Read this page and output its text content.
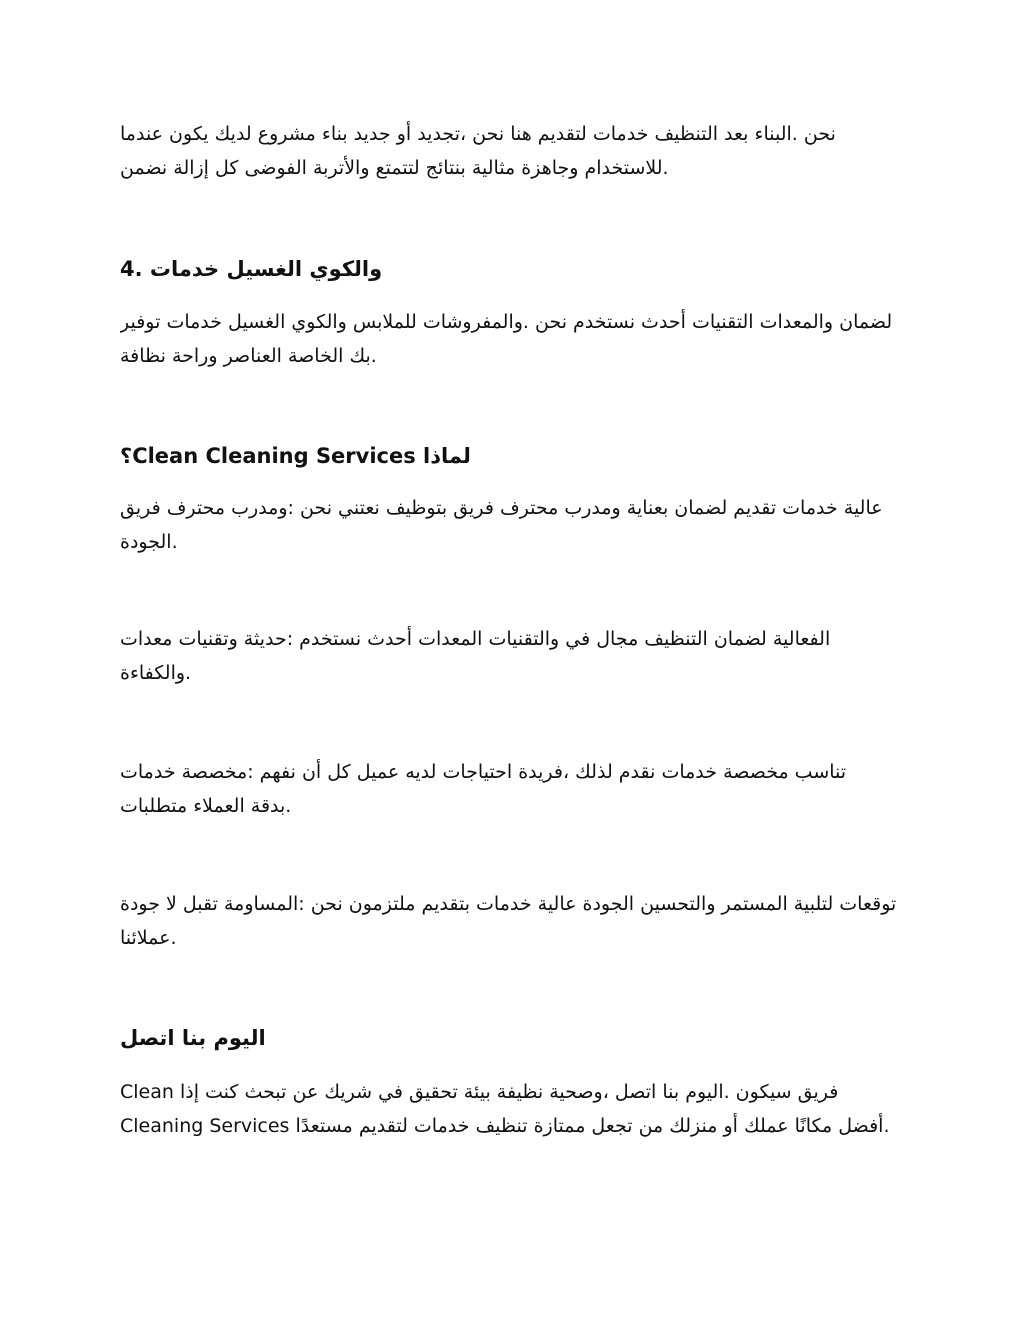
نحن .البناء بعد التنظيف خدمات لتقديم هنا نحن ،تجديد أو جديد بناء مشروع لديك يكون عندما
.للاستخدام وجاهزة مثالية بنتائج لتتمتع والأتربة الفوضى كل إزالة نضمن
والكوي الغسيل خدمات .4
لضمان والمعدات التقنيات أحدث نستخدم نحن .والمفروشات للملابس والكوي الغسيل خدمات توفير
.بك الخاصة العناصر وراحة نظافة
لماذا Clean Cleaning Services؟
عالية خدمات تقديم لضمان بعناية ومدرب محترف فريق بتوظيف نعتني نحن :ومدرب محترف فريق
.الجودة
الفعالية لضمان التنظيف مجال في والتقنيات المعدات أحدث نستخدم :حديثة وتقنيات معدات
.والكفاءة
تناسب مخصصة خدمات نقدم لذلك ،فريدة احتياجات لديه عميل كل أن نفهم :مخصصة خدمات
.بدقة العملاء متطلبات
توقعات لتلبية المستمر والتحسين الجودة عالية خدمات بتقديم ملتزمون نحن :المساومة تقبل لا جودة
.عملائنا
اليوم بنا اتصل
Clean فريق سيكون .اليوم بنا اتصل ،وصحية نظيفة بيئة تحقيق في شريك عن تبحث كنت إذا
.أفضل مكانًا عملك أو منزلك من تجعل ممتازة تنظيف خدمات لتقديم مستعدًا Cleaning Services
